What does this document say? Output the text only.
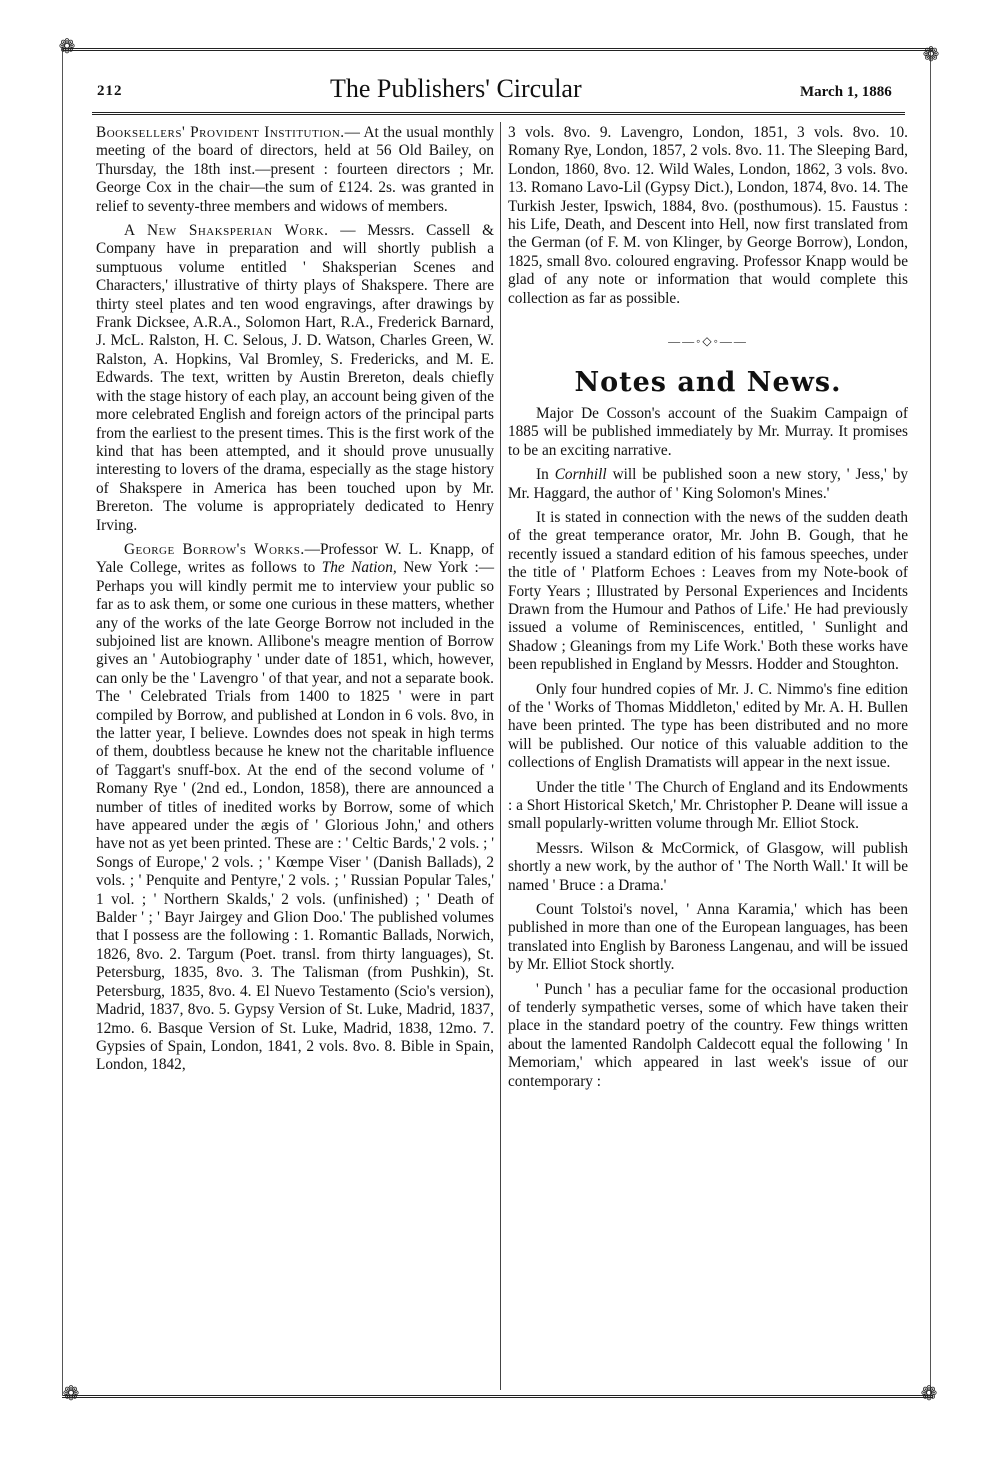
❁	❁
❁	❁
212	The Publishers' Circular	March 1, 1886

Booksellers' Provident Institution.— At the usual monthly meeting of the board of directors, held at 56 Old Bailey, on Thursday, the 18th inst.—present : fourteen directors ; Mr. George Cox in the chair—the sum of £124. 2s. was granted in relief to seventy-three members and widows of members.

A New Shaksperian Work. — Messrs. Cassell & Company have in preparation and will shortly publish a sumptuous volume entitled ' Shaksperian Scenes and Characters,' illustrative of thirty plays of Shakspere. There are thirty steel plates and ten wood engravings, after drawings by Frank Dicksee, A.R.A., Solomon Hart, R.A., Frederick Barnard, J. McL. Ralston, H. C. Selous, J. D. Watson, Charles Green, W. Ralston, A. Hopkins, Val Bromley, S. Fredericks, and M. E. Edwards. The text, written by Austin Brereton, deals chiefly with the stage history of each play, an account being given of the more celebrated English and foreign actors of the principal parts from the earliest to the present times. This is the first work of the kind that has been attempted, and it should prove unusually interesting to lovers of the drama, especially as the stage history of Shakspere in America has been touched upon by Mr. Brereton. The volume is appropriately dedicated to Henry Irving.

George Borrow's Works.—Professor W. L. Knapp, of Yale College, writes as follows to The Nation, New York :—Perhaps you will kindly permit me to interview your public so far as to ask them, or some one curious in these matters, whether any of the works of the late George Borrow not included in the subjoined list are known. Allibone's meagre mention of Borrow gives an ' Autobiography ' under date of 1851, which, however, can only be the ' Lavengro ' of that year, and not a separate book. The ' Celebrated Trials from 1400 to 1825 ' were in part compiled by Borrow, and published at London in 6 vols. 8vo, in the latter year, I believe. Lowndes does not speak in high terms of them, doubtless because he knew not the charitable influence of Taggart's snuff-box. At the end of the second volume of ' Romany Rye ' (2nd ed., London, 1858), there are announced a number of titles of inedited works by Borrow, some of which have appeared under the ægis of ' Glorious John,' and others have not as yet been printed. These are : ' Celtic Bards,' 2 vols. ; ' Songs of Europe,' 2 vols. ; ' Kœmpe Viser ' (Danish Ballads), 2 vols. ; ' Penquite and Pentyre,' 2 vols. ; ' Russian Popular Tales,' 1 vol. ; ' Northern Skalds,' 2 vols. (unfinished) ; ' Death of Balder ' ; ' Bayr Jairgey and Glion Doo.' The published volumes that I possess are the following : 1. Romantic Ballads, Norwich, 1826, 8vo. 2. Targum (Poet. transl. from thirty languages), St. Petersburg, 1835, 8vo. 3. The Talisman (from Pushkin), St. Petersburg, 1835, 8vo. 4. El Nuevo Testamento (Scio's version), Madrid, 1837, 8vo. 5. Gypsy Version of St. Luke, Madrid, 1837, 12mo. 6. Basque Version of St. Luke, Madrid, 1838, 12mo. 7. Gypsies of Spain, London, 1841, 2 vols. 8vo. 8. Bible in Spain, London, 1842,

3 vols. 8vo. 9. Lavengro, London, 1851, 3 vols. 8vo. 10. Romany Rye, London, 1857, 2 vols. 8vo. 11. The Sleeping Bard, London, 1860, 8vo. 12. Wild Wales, London, 1862, 3 vols. 8vo. 13. Romano Lavo-Lil (Gypsy Dict.), London, 1874, 8vo. 14. The Turkish Jester, Ipswich, 1884, 8vo. (posthumous). 15. Faustus : his Life, Death, and Descent into Hell, now first translated from the German (of F. M. von Klinger, by George Borrow), London, 1825, small 8vo. coloured engraving. Professor Knapp would be glad of any note or information that would complete this collection as far as possible.

——◦◇◦——
Notes and News.

Major De Cosson's account of the Suakim Campaign of 1885 will be published immediately by Mr. Murray. It promises to be an exciting narrative.

In Cornhill will be published soon a new story, ' Jess,' by Mr. Haggard, the author of ' King Solomon's Mines.'

It is stated in connection with the news of the sudden death of the great temperance orator, Mr. John B. Gough, that he recently issued a standard edition of his famous speeches, under the title of ' Platform Echoes : Leaves from my Note-book of Forty Years ; Illustrated by Personal Experiences and Incidents Drawn from the Humour and Pathos of Life.' He had previously issued a volume of Reminiscences, entitled, ' Sunlight and Shadow ; Gleanings from my Life Work.' Both these works have been republished in England by Messrs. Hodder and Stoughton.

Only four hundred copies of Mr. J. C. Nimmo's fine edition of the ' Works of Thomas Middleton,' edited by Mr. A. H. Bullen have been printed. The type has been distributed and no more will be published. Our notice of this valuable addition to the collections of English Dramatists will appear in the next issue.

Under the title ' The Church of England and its Endowments : a Short Historical Sketch,' Mr. Christopher P. Deane will issue a small popularly-written volume through Mr. Elliot Stock.

Messrs. Wilson & McCormick, of Glasgow, will publish shortly a new work, by the author of ' The North Wall.' It will be named ' Bruce : a Drama.'

Count Tolstoi's novel, ' Anna Karamia,' which has been published in more than one of the European languages, has been translated into English by Baroness Langenau, and will be issued by Mr. Elliot Stock shortly.

' Punch ' has a peculiar fame for the occasional production of tenderly sympathetic verses, some of which have taken their place in the standard poetry of the country. Few things written about the lamented Randolph Caldecott equal the following ' In Memoriam,' which appeared in last week's issue of our contemporary :
